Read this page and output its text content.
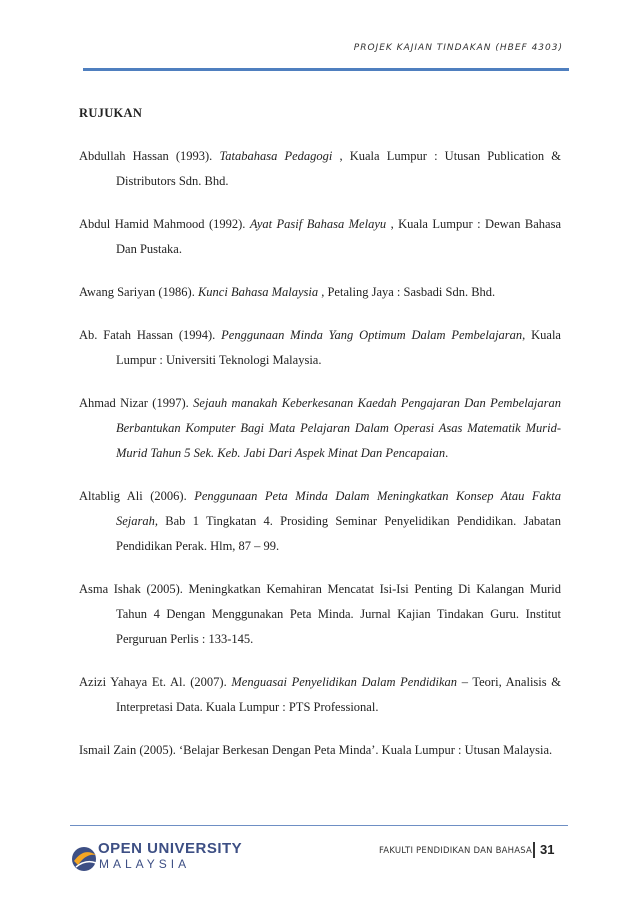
PROJEK KAJIAN TINDAKAN (HBEF 4303)
RUJUKAN
Abdullah Hassan (1993). Tatabahasa Pedagogi , Kuala Lumpur : Utusan Publication & Distributors Sdn. Bhd.
Abdul Hamid Mahmood (1992). Ayat Pasif Bahasa Melayu , Kuala Lumpur : Dewan Bahasa Dan Pustaka.
Awang Sariyan (1986). Kunci Bahasa Malaysia , Petaling Jaya : Sasbadi Sdn. Bhd.
Ab. Fatah Hassan (1994). Penggunaan Minda Yang Optimum Dalam Pembelajaran, Kuala Lumpur : Universiti Teknologi Malaysia.
Ahmad Nizar (1997). Sejauh manakah Keberkesanan Kaedah Pengajaran Dan Pembelajaran Berbantukan Komputer Bagi Mata Pelajaran Dalam Operasi Asas Matematik Murid-Murid Tahun 5 Sek. Keb. Jabi Dari Aspek Minat Dan Pencapaian.
Altablig Ali (2006). Penggunaan Peta Minda Dalam Meningkatkan Konsep Atau Fakta Sejarah, Bab 1 Tingkatan 4. Prosiding Seminar Penyelidikan Pendidikan. Jabatan Pendidikan Perak. Hlm, 87 – 99.
Asma Ishak (2005). Meningkatkan Kemahiran Mencatat Isi-Isi Penting Di Kalangan Murid Tahun 4 Dengan Menggunakan Peta Minda. Jurnal Kajian Tindakan Guru. Institut Perguruan Perlis : 133-145.
Azizi Yahaya Et. Al. (2007). Menguasai Penyelidikan Dalam Pendidikan – Teori, Analisis & Interpretasi Data. Kuala Lumpur : PTS Professional.
Ismail Zain (2005). ‘Belajar Berkesan Dengan Peta Minda’. Kuala Lumpur : Utusan Malaysia.
OPEN UNIVERSITY
MALAYSIA
FAKULTI PENDIDIKAN DAN BAHASA 31
